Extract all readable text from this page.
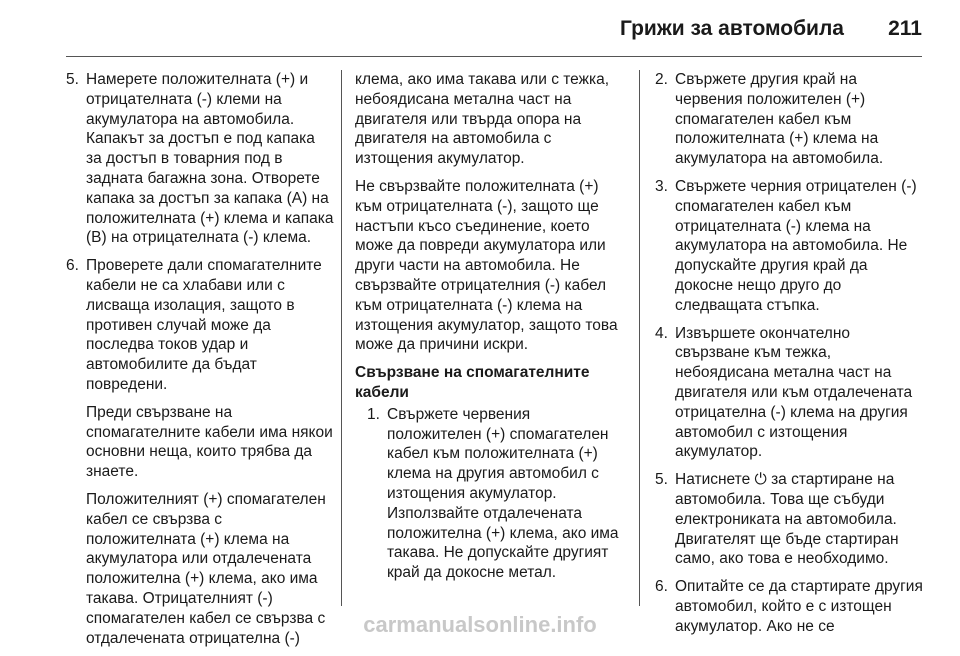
Грижи за автомобила 211
5. Намерете положителната (+) и отрицателната (-) клеми на акумулатора на автомобила. Капакът за достъп е под капака за достъп в товарния под в задната багажна зона. Отворете капака за достъп за капака (A) на положителната (+) клема и капака (B) на отрицателната (-) клема.
6. Проверете дали спомагателните кабели не са хлабави или с лисваща изолация, защото в противен случай може да последва токов удар и автомобилите да бъдат повредени.

Преди свързване на спомагателните кабели има някои основни неща, които трябва да знаете.

Положителният (+) спомагателен кабел се свързва с положителната (+) клема на акумулатора или отдалечената положителна (+) клема, ако има такава. Отрицателният (-) спомагателен кабел се свързва с отдалечената отрицателна (-)

клема, ако има такава или с тежка, небоядисана метална част на двигателя или твърда опора на двигателя на автомобила с изтощения акумулатор.

Не свързвайте положителната (+) към отрицателната (-), защото ще настъпи късо съединение, което може да повреди акумулатора или други части на автомобила. Не свързвайте отрицателния (-) кабел към отрицателната (-) клема на изтощения акумулатор, защото това може да причини искри.

Свързване на спомагателните кабели
1. Свържете червения положителен (+) спомагателен кабел към положителната (+) клема на другия автомобил с изтощения акумулатор. Използвайте отдалечената положителна (+) клема, ако има такава. Не допускайте другият край да докосне метал.
2. Свържете другия край на червения положителен (+) спомагателен кабел към положителната (+) клема на акумулатора на автомобила.
3. Свържете черния отрицателен (-) спомагателен кабел към отрицателната (-) клема на акумулатора на автомобила. Не допускайте другия край да докосне нещо друго до следващата стъпка.
4. Извършете окончателно свързване към тежка, небоядисана метална част на двигателя или към отдалечената отрицателна (-) клема на другия автомобил с изтощения акумулатор.
5. Натиснете ⏻ за стартиране на автомобила. Това ще събуди електрониката на автомобила. Двигателят ще бъде стартиран само, ако това е необходимо.
6. Опитайте се да стартирате другия автомобил, който е с изтощен акумулатор. Ако не се
carmanualsonline.info
